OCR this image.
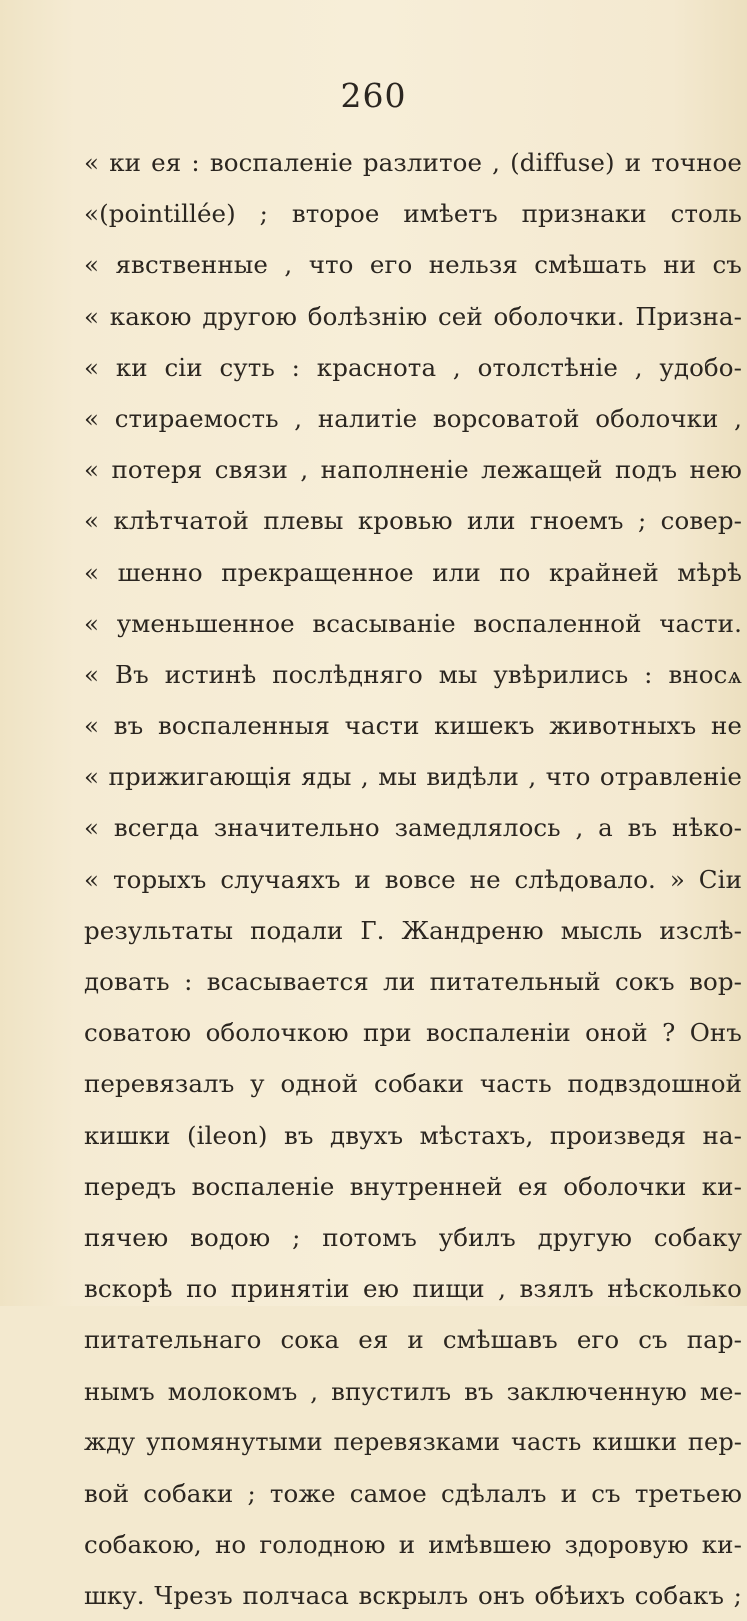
260
« ки ея : воспаленіе разлитое , (diffuse) и точное
«(pointillée) ; второе имѣетъ признаки столь
« явственные , что его нельзя смѣшать ни съ
« какою другою болѣзнію сей оболочки. Призна-
« ки сіи суть : краснота , отолстѣніе , удобо-
« стираемость , налитіе ворсоватой оболочки ,
« потеря связи , наполненіе лежащей подъ нею
« клѣтчатой плевы кровью или гноемъ ; совер-
« шенно прекращенное или по крайней мѣрѣ
« уменьшенное всасываніе воспаленной части.
« Въ истинѣ послѣдняго мы увѣрились : вносѧ
« въ воспаленныя части кишекъ животныхъ не
« прижигающія яды , мы видѣли , что отравленіе
« всегда значительно замедлялось , а въ нѣко-
« торыхъ случаяхъ и вовсе не слѣдовало. » Сіи
результаты подали Г. Жандреню мысль изслѣ-
довать : всасывается ли питательный сокъ вор-
соватою оболочкою при воспаленіи оной ? Онъ
перевязалъ у одной собаки часть подвздошной
кишки (ileon) въ двухъ мѣстахъ, произведя на-
передъ воспаленіе внутренней ея оболочки ки-
пячею водою ; потомъ убилъ другую собаку
вскорѣ по принятіи ею пищи , взялъ нѣсколько
питательнаго сока ея и смѣшавъ его съ пар-
нымъ молокомъ , впустилъ въ заключенную ме-
жду упомянутыми перевязками часть кишки пер-
вой собаки ; тоже самое сдѣлалъ и съ третьею
собакою, но голодною и имѣвшею здоровую ки-
шку. Чрезъ полчаса вскрылъ онъ обѣихъ собакъ ;
